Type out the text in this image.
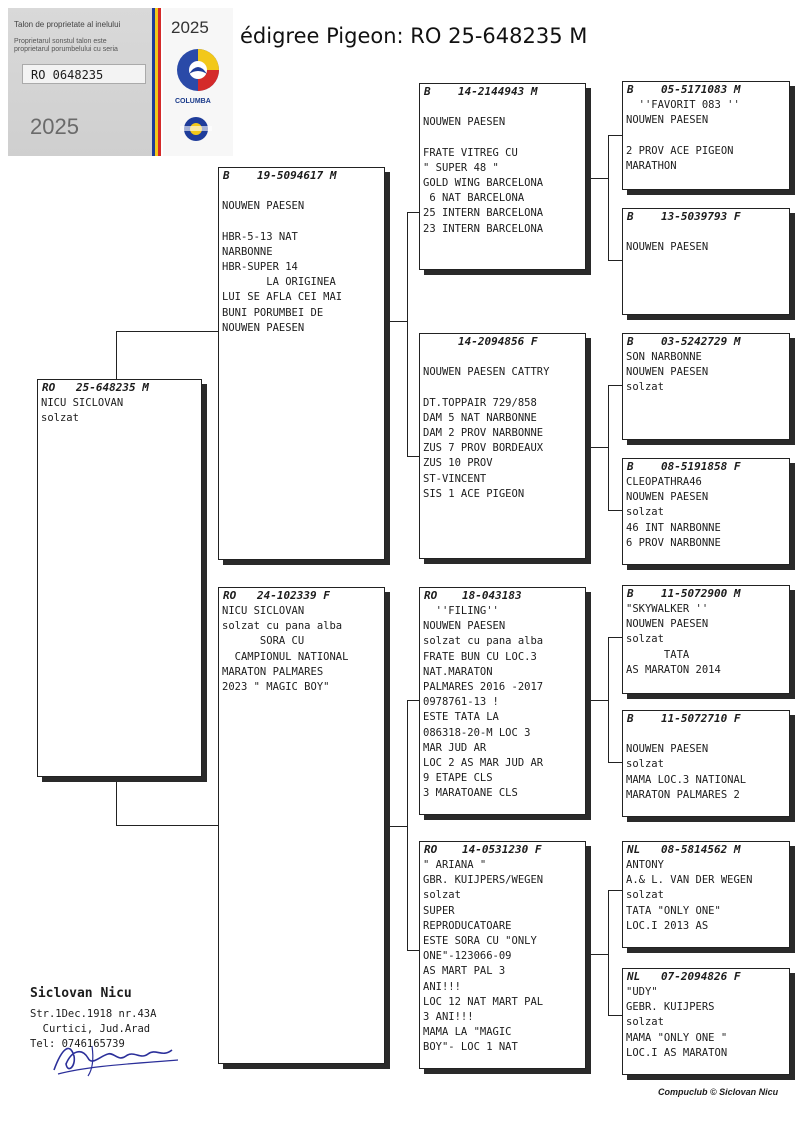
Talon de proprietate al inelului
Proprietarul sonstul talon este
proprietarul porumbelului cu seria
RO 0648235
2025
2025
COLUMBA
édigree Pigeon: RO 25-648235 M
RO 25-648235 M
NICU SICLOVAN
solzat
B 19-5094617 M
NOUWEN PAESEN
HBR-5-13 NAT
NARBONNE
HBR-SUPER 14
LA ORIGINEA
LUI SE AFLA CEI MAI
BUNI PORUMBEI DE
NOUWEN PAESEN
RO 24-102339 F
NICU SICLOVAN
solzat cu pana alba
SORA CU
CAMPIONUL NATIONAL
MARATON PALMARES
2023 " MAGIC BOY"
B 14-2144943 M
NOUWEN PAESEN
FRATE VITREG CU
" SUPER 48 "
GOLD WING BARCELONA
6 NAT BARCELONA
25 INTERN BARCELONA
23 INTERN BARCELONA
14-2094856 F
NOUWEN PAESEN CATTRY
DT.TOPPAIR 729/858
DAM 5 NAT NARBONNE
DAM 2 PROV NARBONNE
ZUS 7 PROV BORDEAUX
ZUS 10 PROV
ST-VINCENT
SIS 1 ACE PIGEON
RO 18-043183
''FILING''
NOUWEN PAESEN
solzat cu pana alba
FRATE BUN CU LOC.3
NAT.MARATON
PALMARES 2016 -2017
0978761-13 !
ESTE TATA LA
086318-20-M LOC 3
MAR JUD AR
LOC 2 AS MAR JUD AR
9 ETAPE CLS
3 MARATOANE CLS
RO 14-0531230 F
" ARIANA "
GBR. KUIJPERS/WEGEN
solzat
SUPER
REPRODUCATOARE
ESTE SORA CU "ONLY
ONE"-123066-09
AS MART PAL 3
ANI!!!
LOC 12 NAT MART PAL
3 ANI!!!
MAMA LA "MAGIC
BOY"- LOC 1 NAT
B 05-5171083 M
''FAVORIT 083 ''
NOUWEN PAESEN
2 PROV ACE PIGEON
MARATHON
B 13-5039793 F
NOUWEN PAESEN
B 03-5242729 M
SON NARBONNE
NOUWEN PAESEN
solzat
B 08-5191858 F
CLEOPATHRA46
NOUWEN PAESEN
solzat
46 INT NARBONNE
6 PROV NARBONNE
B 11-5072900 M
"SKYWALKER ''
NOUWEN PAESEN
solzat
TATA
AS MARATON 2014
B 11-5072710 F
NOUWEN PAESEN
solzat
MAMA LOC.3 NATIONAL
MARATON PALMARES 2
NL 08-5814562 M
ANTONY
A.& L. VAN DER WEGEN
solzat
TATA "ONLY ONE"
LOC.I 2013 AS
NL 07-2094826 F
"UDY"
GEBR. KUIJPERS
solzat
MAMA "ONLY ONE "
LOC.I AS MARATON
Siclovan Nicu
Str.1Dec.1918 nr.43A
Curtici, Jud.Arad
Tel: 0746165739
Compuclub © Siclovan Nicu
